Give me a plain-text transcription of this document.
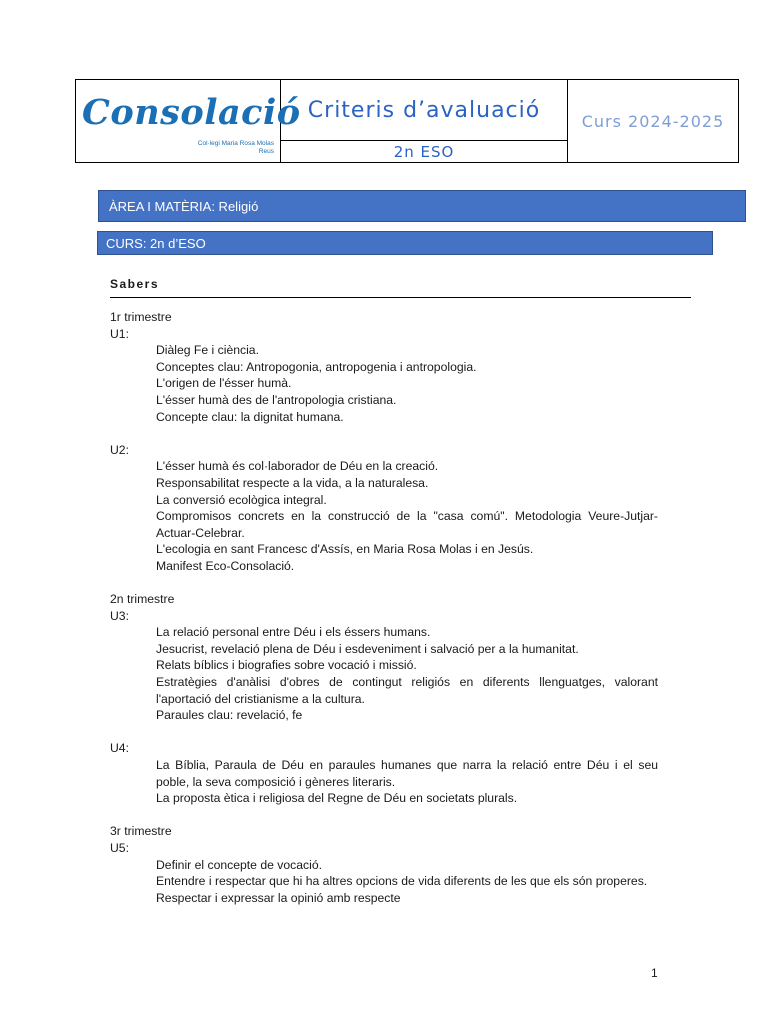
Consolació
Col·legi Maria Rosa Molas
Reus
Criteris d’avaluació
2n ESO
Curs 2024-2025
ÀREA I MATÈRIA: Religió
CURS: 2n d’ESO
Sabers

1r trimestre

U1:

Diàleg Fe i ciència.
Conceptes clau: Antropogonia, antropogenia i antropologia.
L'origen de l'ésser humà.
L'ésser humà des de l'antropologia cristiana.
Concepte clau: la dignitat humana.

U2:

L'ésser humà és col·laborador de Déu en la creació.
Responsabilitat respecte a la vida, a la naturalesa.
La conversió ecològica integral.
Compromisos concrets en la construcció de la "casa comú". Metodologia Veure-Jutjar-Actuar-Celebrar.
L'ecologia en sant Francesc d'Assís, en Maria Rosa Molas i en Jesús.
Manifest Eco-Consolació.

2n trimestre

U3:

La relació personal entre Déu i els éssers humans.
Jesucrist, revelació plena de Déu i esdeveniment i salvació per a la humanitat.
Relats bíblics i biografies sobre vocació i missió.
Estratègies d'anàlisi d'obres de contingut religiós en diferents llenguatges, valorant l'aportació del cristianisme a la cultura.
Paraules clau: revelació, fe

U4:

La Bíblia, Paraula de Déu en paraules humanes que narra la relació entre Déu i el seu poble, la seva composició i gèneres literaris.
La proposta ètica i religiosa del Regne de Déu en societats plurals.

3r trimestre

U5:

Definir el concepte de vocació.
Entendre i respectar que hi ha altres opcions de vida diferents de les que els són properes.
Respectar i expressar la opinió amb respecte
1
